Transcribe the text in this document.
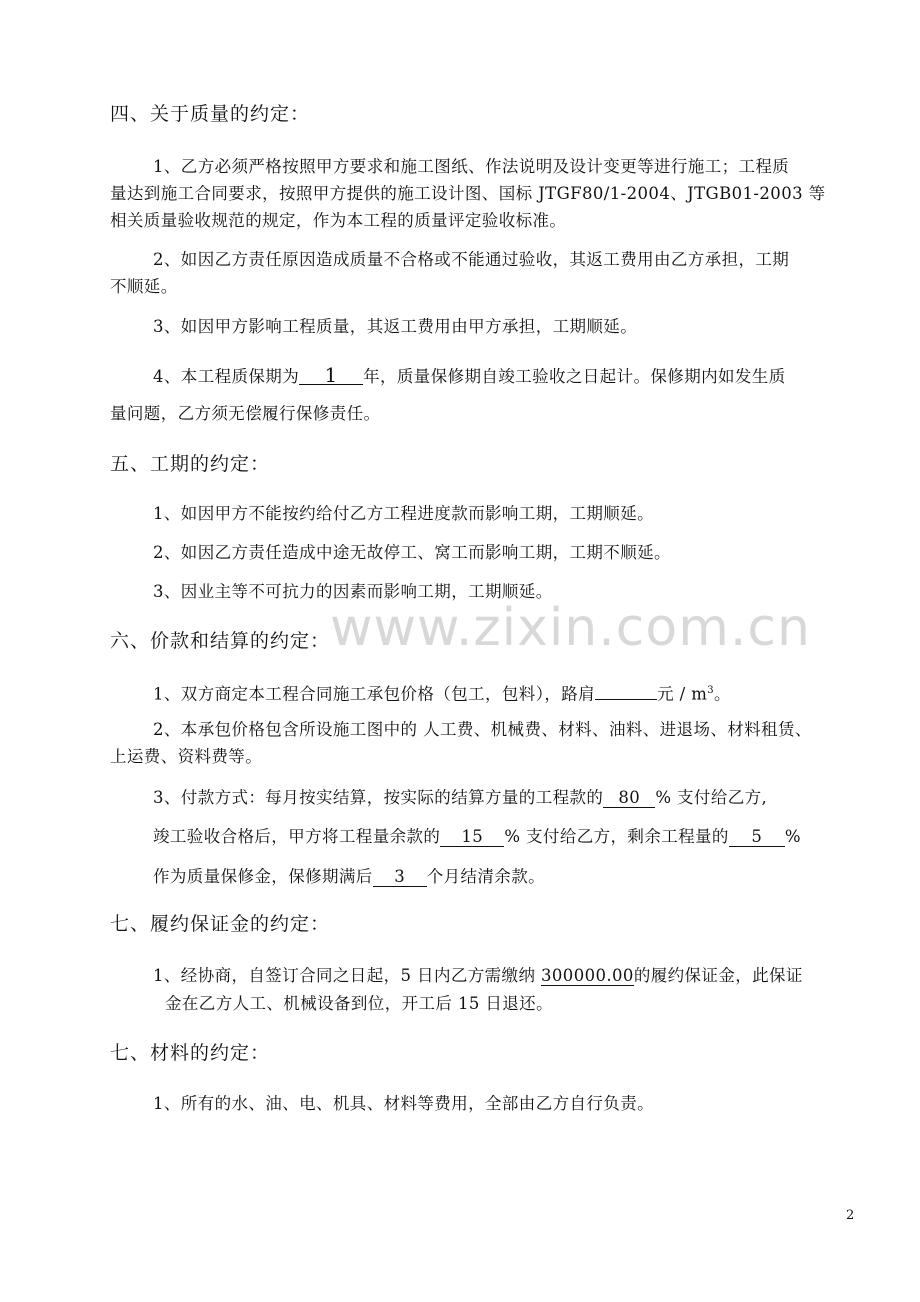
www.zixin.com.cn
四、关于质量的约定：
1、乙方必须严格按照甲方要求和施工图纸、作法说明及设计变更等进行施工；工程质
量达到施工合同要求，按照甲方提供的施工设计图、国标 JTGF80/1-2004、JTGB01-2003 等
相关质量验收规范的规定，作为本工程的质量评定验收标准。
2、如因乙方责任原因造成质量不合格或不能通过验收，其返工费用由乙方承担，工期
不顺延。
3、如因甲方影响工程质量，其返工费用由甲方承担，工期顺延。
4、本工程质保期为 1 年，质量保修期自竣工验收之日起计。保修期内如发生质
量问题，乙方须无偿履行保修责任。
五、工期的约定：
1、如因甲方不能按约给付乙方工程进度款而影响工期，工期顺延。
2、如因乙方责任造成中途无故停工、窝工而影响工期，工期不顺延。
3、因业主等不可抗力的因素而影响工期，工期顺延。
六、价款和结算的约定：
1、双方商定本工程合同施工承包价格（包工，包料），路肩	元 / $m^3$。
2、本承包价格包含所设施工图中的 人工费、机械费、材料、油料、进退场、材料租赁、
上运费、资料费等。
3、付款方式：每月按实结算，按实际的结算方量的工程款的 80 % 支付给乙方,
竣工验收合格后，甲方将工程量余款的 15 % 支付给乙方，剩余工程量的 5 %
作为质量保修金，保修期满后 3 个月结清余款。
七、履约保证金的约定：
1、经协商，自签订合同之日起，5 日内乙方需缴纳 300000.00的履约保证金，此保证
金在乙方人工、机械设备到位，开工后 15 日退还。
七、材料的约定：
1、所有的水、油、电、机具、材料等费用，全部由乙方自行负责。
2
